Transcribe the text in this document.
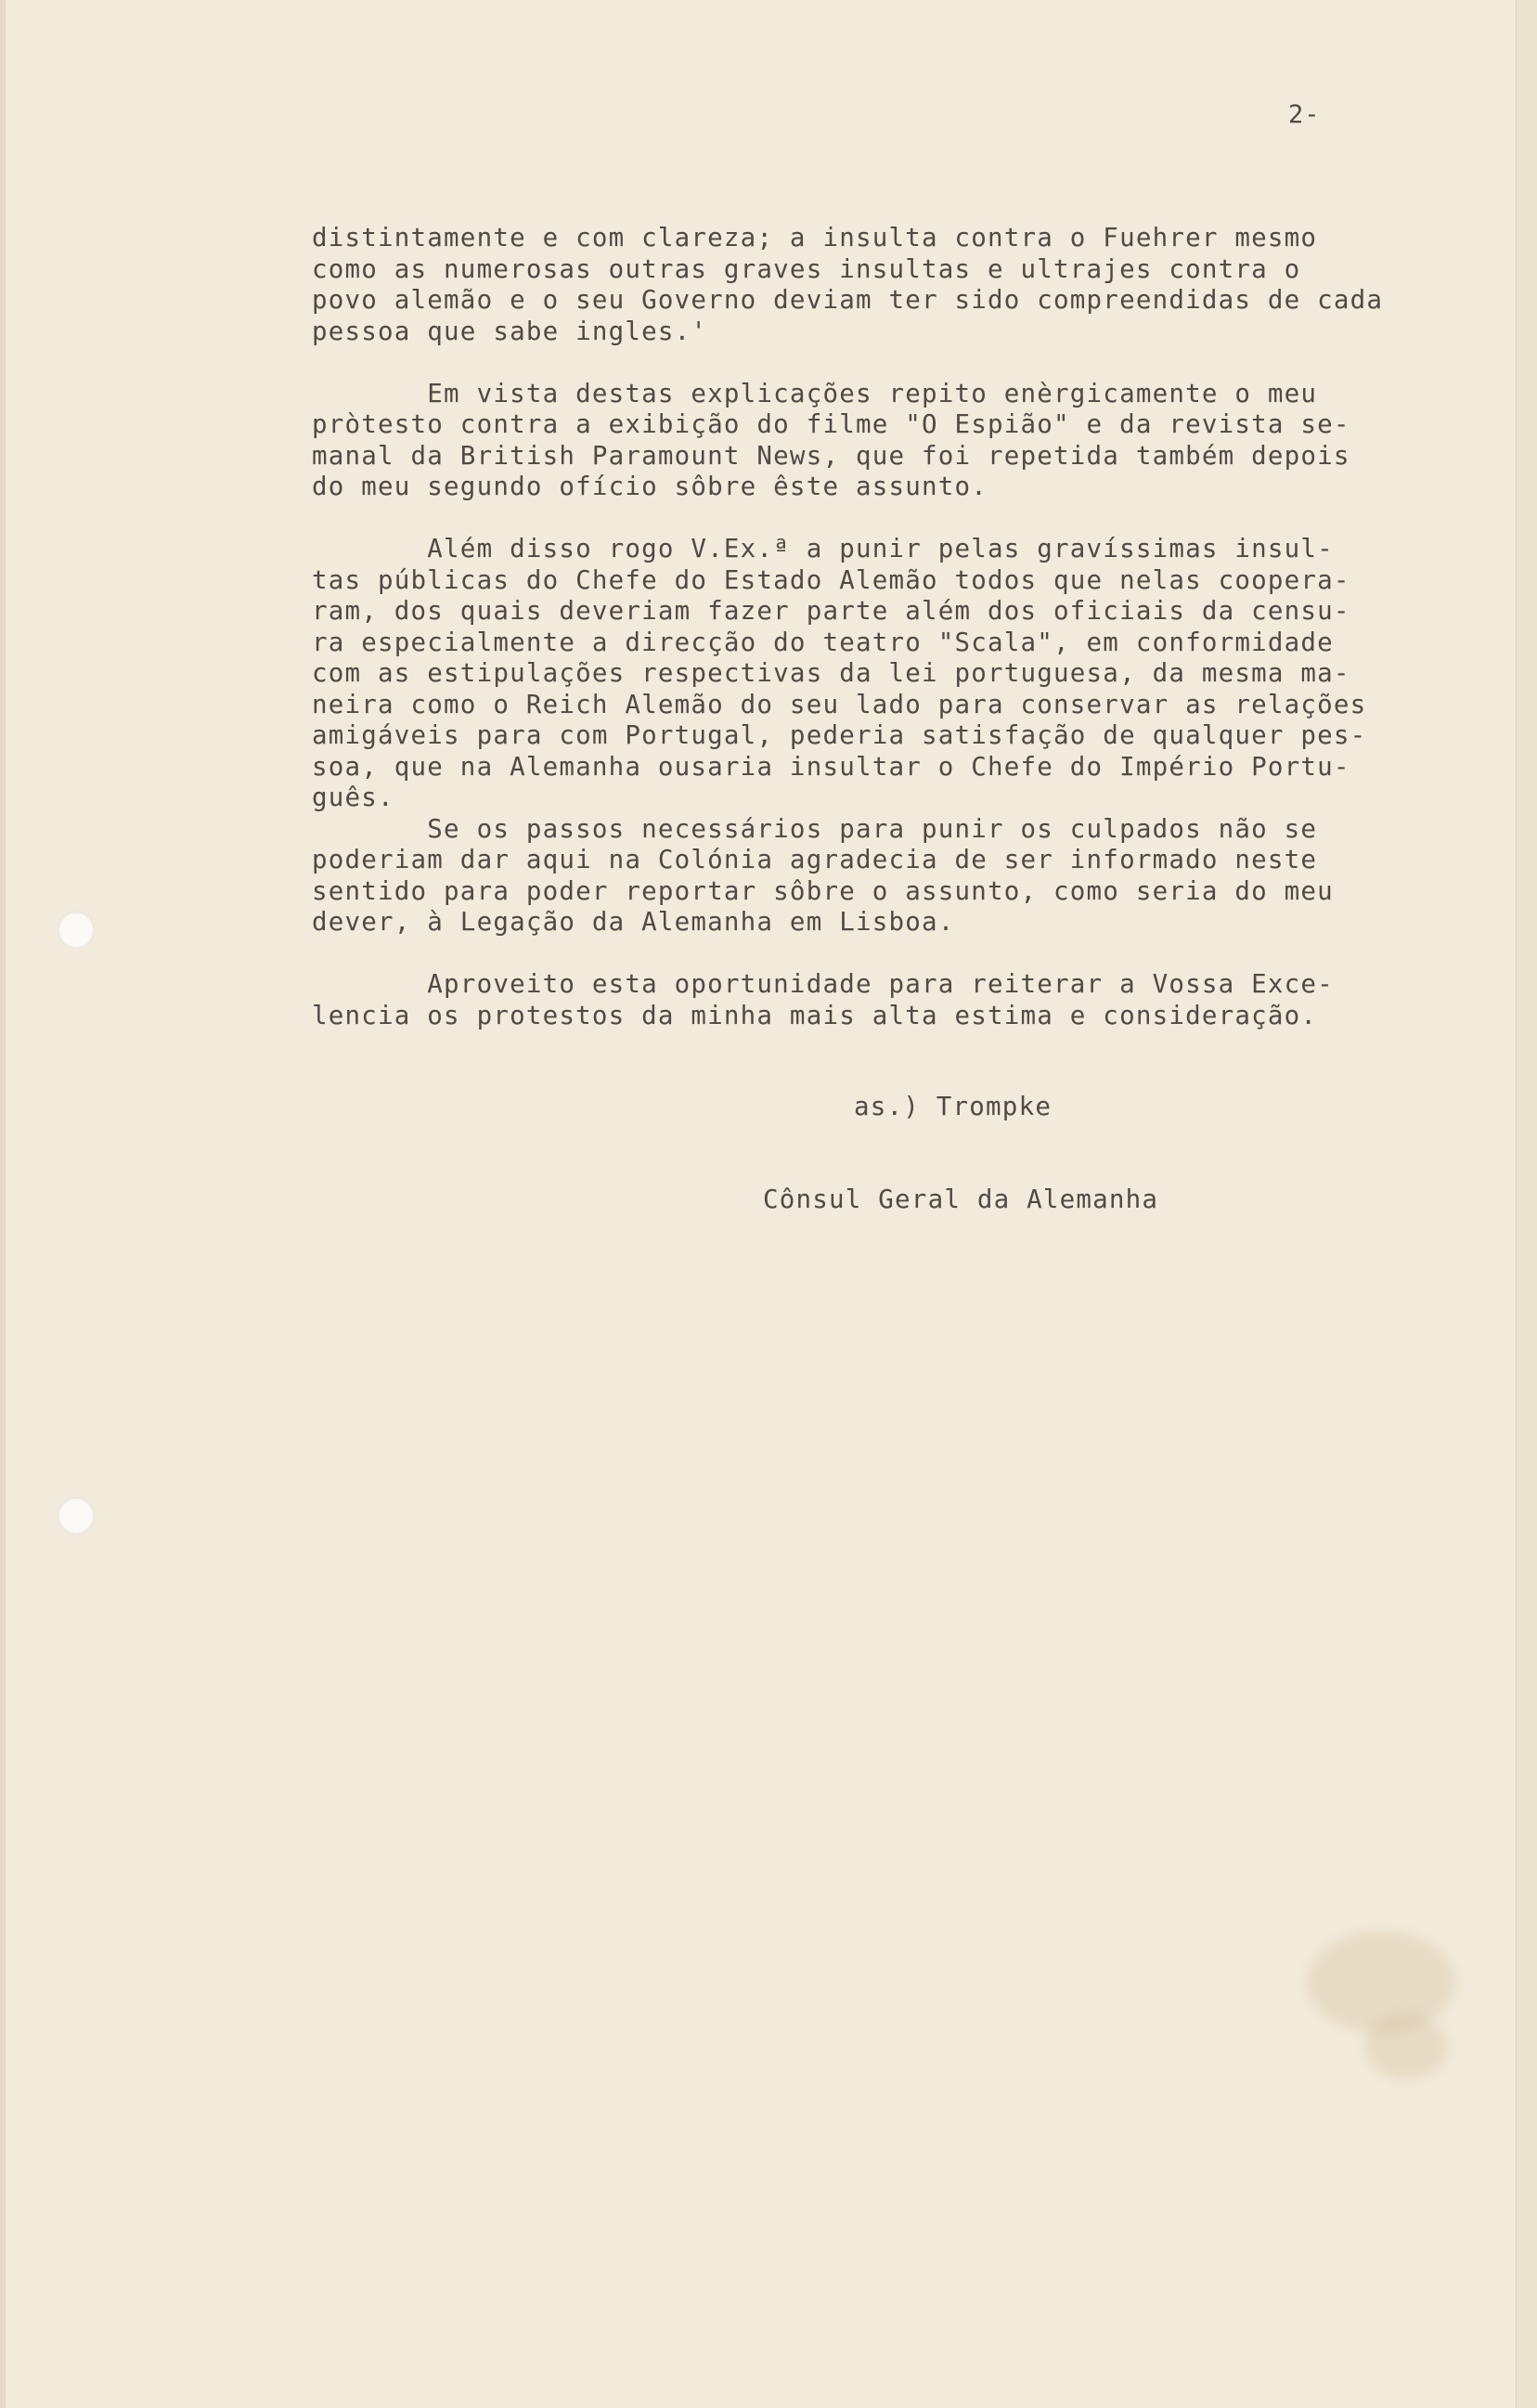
2-
distintamente e com clareza; a insulta contra o Fuehrer mesmo
como as numerosas outras graves insultas e ultrajes contra o
povo alemão e o seu Governo deviam ter sido compreendidas de cada
pessoa que sabe ingles.'
Em vista destas explicações repito enèrgicamente o meu
pròtesto contra a exibição do filme "O Espião" e da revista se-
manal da British Paramount News, que foi repetida também depois
do meu segundo ofício sôbre êste assunto.
Além disso rogo V.Ex.ª a punir pelas gravíssimas insul-
tas públicas do Chefe do Estado Alemão todos que nelas coopera-
ram, dos quais deveriam fazer parte além dos oficiais da censu-
ra especialmente a direcção do teatro "Scala", em conformidade
com as estipulações respectivas da lei portuguesa, da mesma ma-
neira como o Reich Alemão do seu lado para conservar as relações
amigáveis para com Portugal, pederia satisfação de qualquer pes-
soa, que na Alemanha ousaria insultar o Chefe do Império Portu-
guês.
Se os passos necessários para punir os culpados não se
poderiam dar aqui na Colónia agradecia de ser informado neste
sentido para poder reportar sôbre o assunto, como seria do meu
dever, à Legação da Alemanha em Lisboa.
Aproveito esta oportunidade para reiterar a Vossa Exce-
lencia os protestos da minha mais alta estima e consideração.
as.) Trompke
Cônsul Geral da Alemanha
